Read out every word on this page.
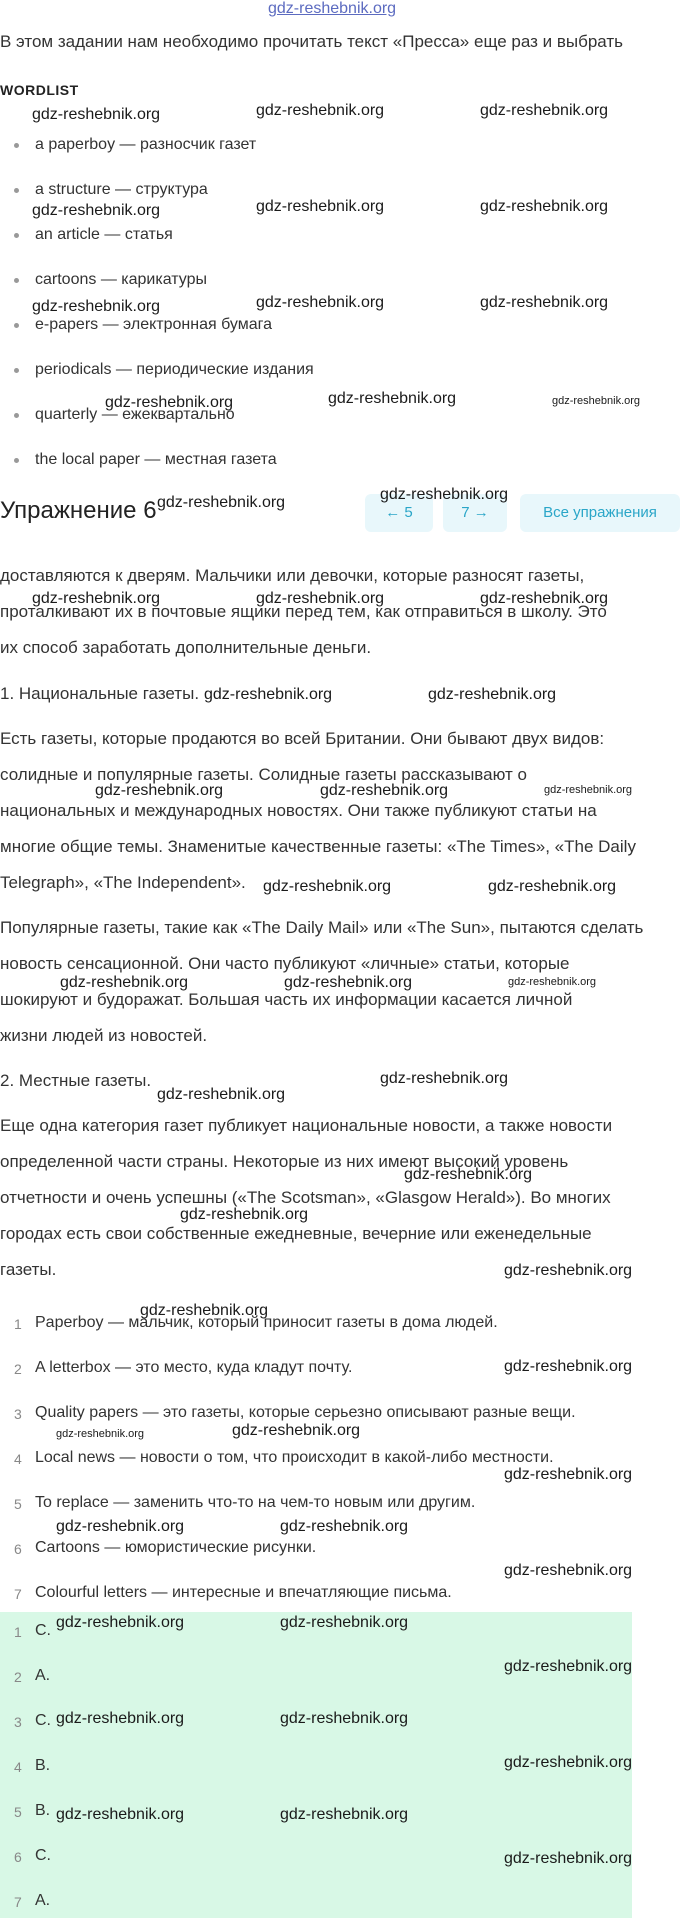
gdz-reshebnik.org
В этом задании нам необходимо прочитать текст «Пресса» еще раз и выбрать
WORDLIST
a paperboy — разносчик газет
a structure — структура
an article — статья
cartoons — карикатуры
e-papers — электронная бумага
periodicals — периодические издания
quarterly — ежеквартально
the local paper — местная газета
Упражнение 6	← 5	7 →	Все упражнения
доставляются к дверям. Мальчики или девочки, которые разносят газеты,
проталкивают их в почтовые ящики перед тем, как отправиться в школу. Это
их способ заработать дополнительные деньги.
1. Национальные газеты.
Есть газеты, которые продаются во всей Британии. Они бывают двух видов:
солидные и популярные газеты. Солидные газеты рассказывают о
национальных и международных новостях. Они также публикуют статьи на
многие общие темы. Знаменитые качественные газеты: «The Times», «The Daily
Telegraph», «The Independent».
Популярные газеты, такие как «The Daily Mail» или «The Sun», пытаются сделать
новость сенсационной. Они часто публикуют «личные» статьи, которые
шокируют и будоражат. Большая часть их информации касается личной
жизни людей из новостей.
2. Местные газеты.
Еще одна категория газет публикует национальные новости, а также новости
определенной части страны. Некоторые из них имеют высокий уровень
отчетности и очень успешны («The Scotsman», «Glasgow Herald»). Во многих
городах есть свои собственные ежедневные, вечерние или еженедельные
газеты.
1 Paperboy — мальчик, который приносит газеты в дома людей.
2 A letterbox — это место, куда кладут почту.
3 Quality papers — это газеты, которые серьезно описывают разные вещи.
4 Local news — новости о том, что происходит в какой-либо местности.
5 To replace — заменить что-то на чем-то новым или другим.
6 Cartoons — юмористические рисунки.
7 Colourful letters — интересные и впечатляющие письма.
1 C.
2 A.
3 C.
4 B.
5 B.
6 C.
7 A.
gdz-reshebnik.org	gdz-reshebnik.org	gdz-reshebnik.org
gdz-reshebnik.org	gdz-reshebnik.org	gdz-reshebnik.org
gdz-reshebnik.org	gdz-reshebnik.org	gdz-reshebnik.org
gdz-reshebnik.org	gdz-reshebnik.org	gdz-reshebnik.org
gdz-reshebnik.org	gdz-reshebnik.org
gdz-reshebnik.org	gdz-reshebnik.org	gdz-reshebnik.org
gdz-reshebnik.org	gdz-reshebnik.org
gdz-reshebnik.org	gdz-reshebnik.org	gdz-reshebnik.org
gdz-reshebnik.org	gdz-reshebnik.org
gdz-reshebnik.org	gdz-reshebnik.org	gdz-reshebnik.org
gdz-reshebnik.org
gdz-reshebnik.org
gdz-reshebnik.org
gdz-reshebnik.org
gdz-reshebnik.org
gdz-reshebnik.org
gdz-reshebnik.org
gdz-reshebnik.org	gdz-reshebnik.org
gdz-reshebnik.org
gdz-reshebnik.org	gdz-reshebnik.org
gdz-reshebnik.org
gdz-reshebnik.org	gdz-reshebnik.org
gdz-reshebnik.org
gdz-reshebnik.org	gdz-reshebnik.org
gdz-reshebnik.org
gdz-reshebnik.org	gdz-reshebnik.org
gdz-reshebnik.org
